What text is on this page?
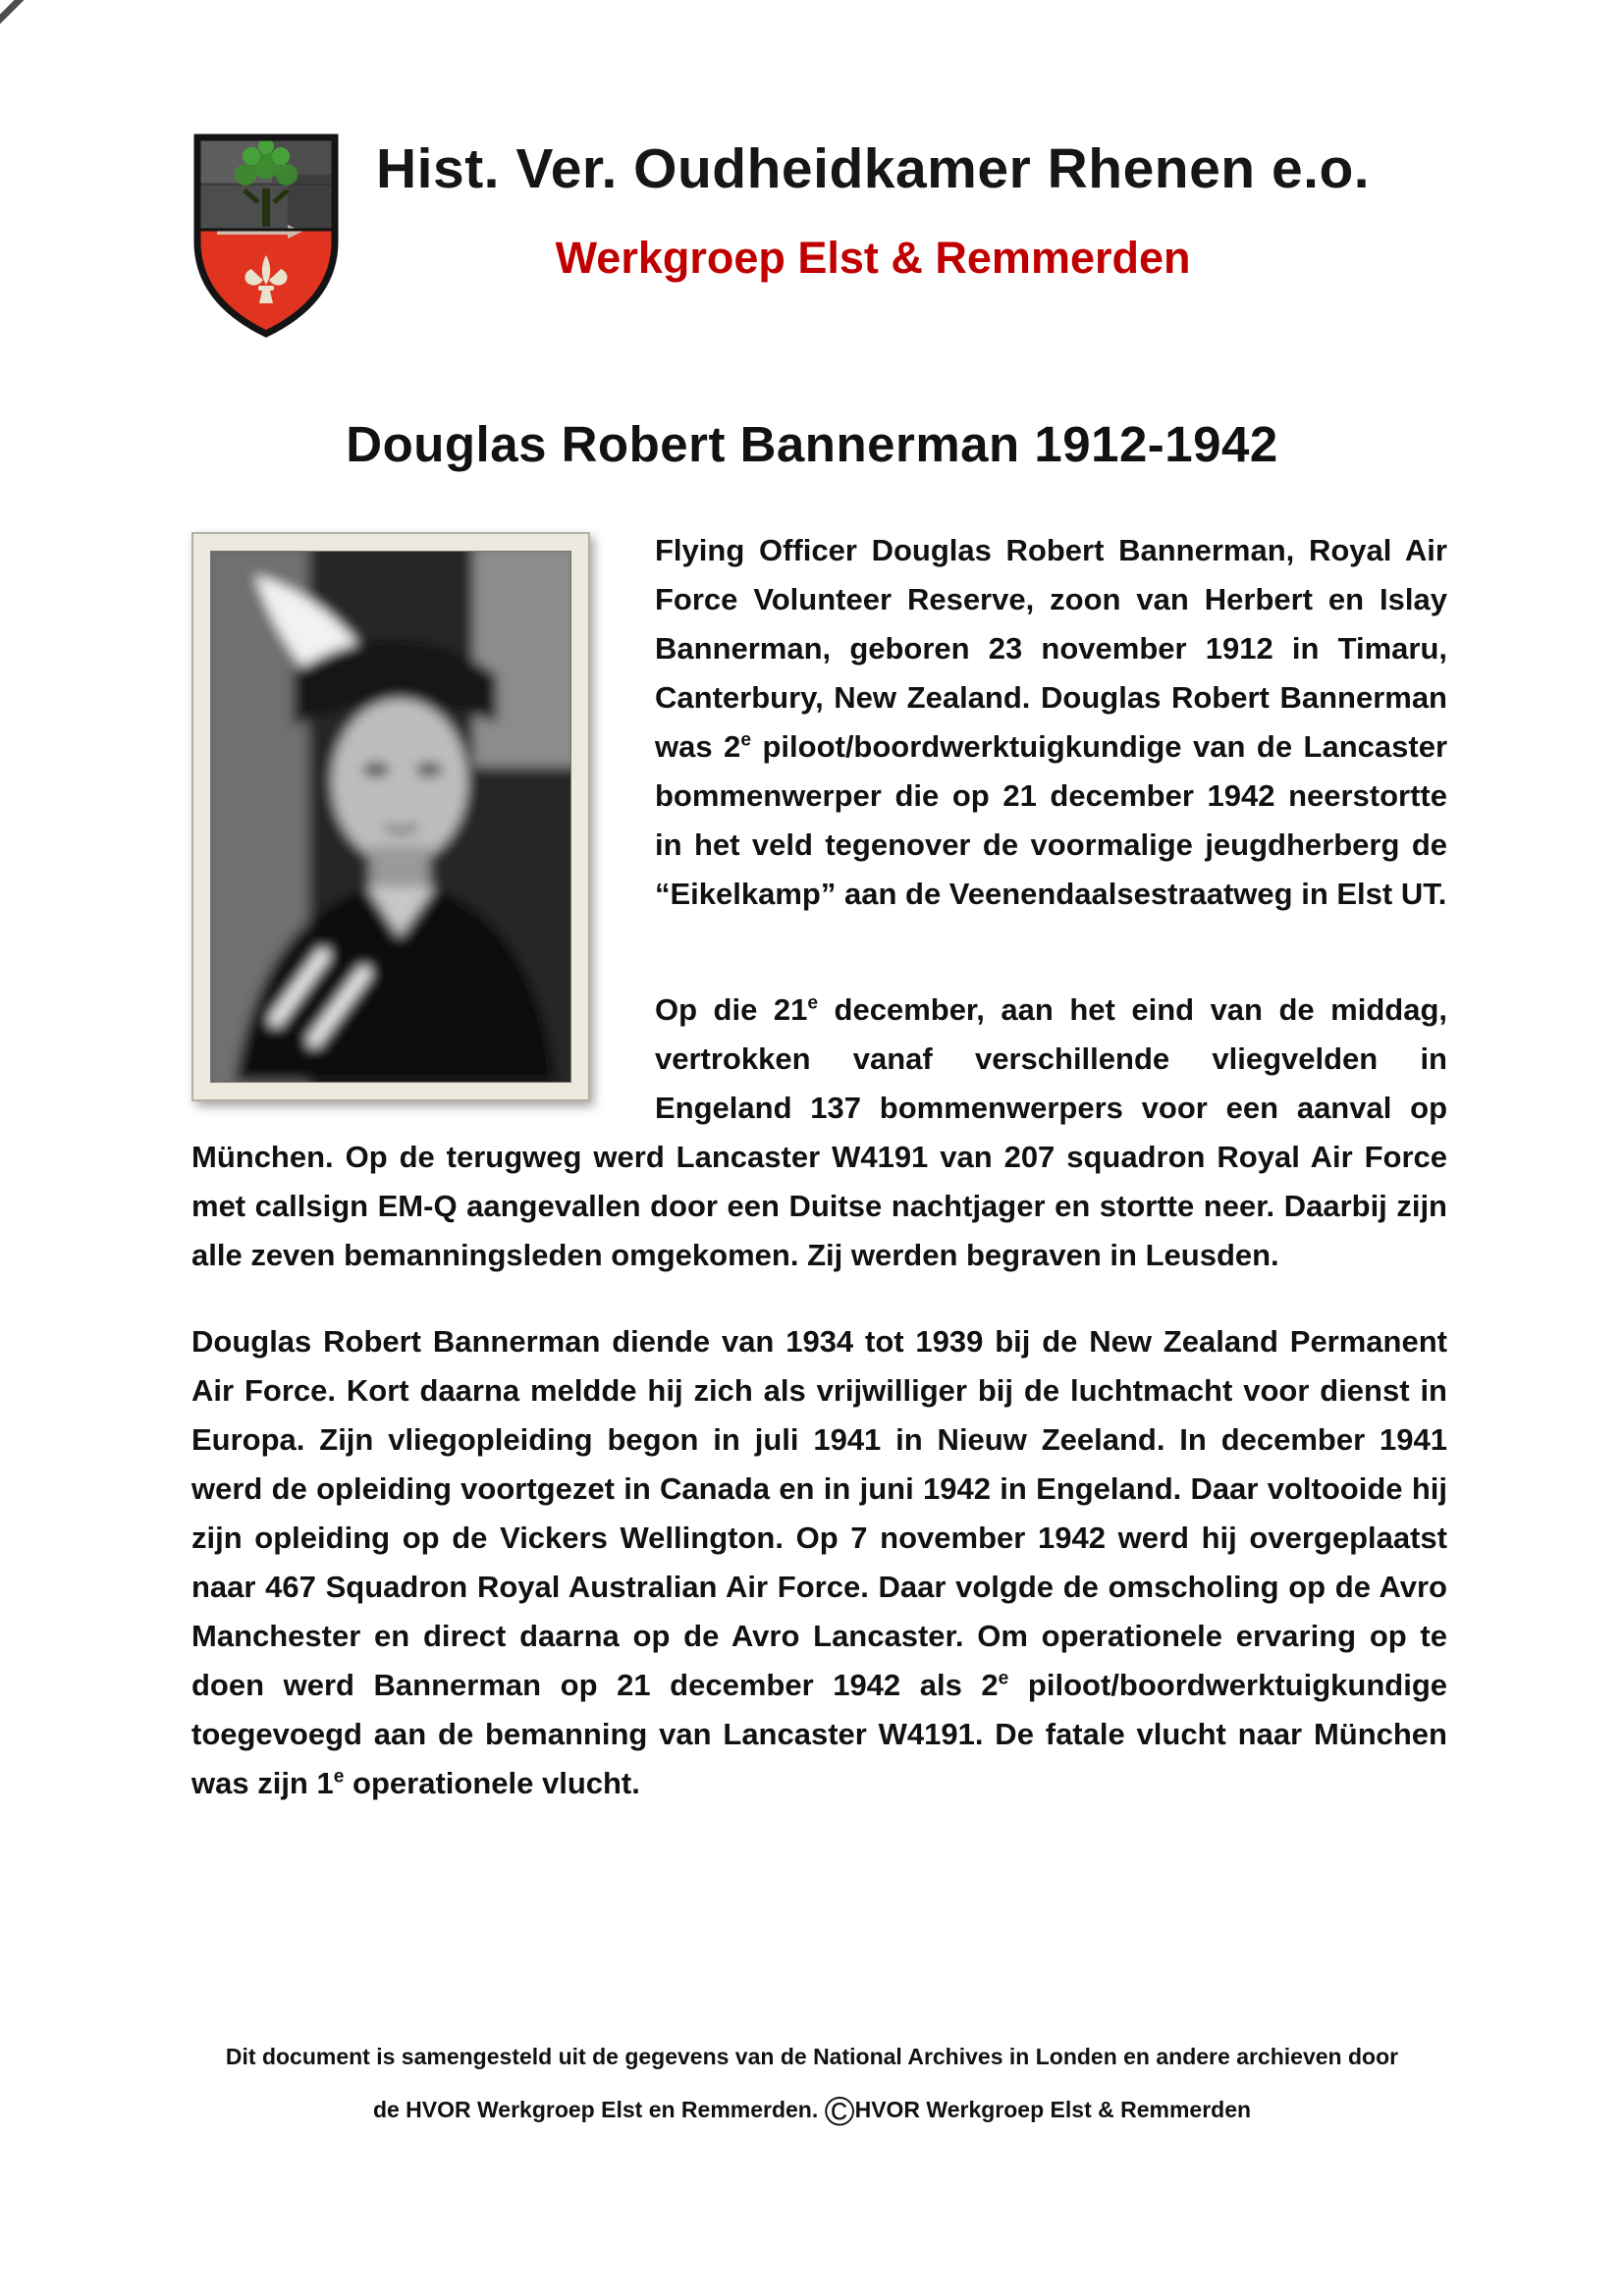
Hist. Ver. Oudheidkamer Rhenen e.o.
Werkgroep Elst & Remmerden
Douglas Robert Bannerman 1912-1942

Flying Officer Douglas Robert Bannerman, Royal Air Force Volunteer Reserve, zoon van Herbert en Islay Bannerman, geboren 23 november 1912 in Timaru, Canterbury, New Zealand. Douglas Robert Bannerman was 2e piloot/boordwerktuigkundige van de Lancaster bommenwerper die op 21 december 1942 neerstortte in het veld tegenover de voormalige jeugdherberg de “Eikelkamp” aan de Veenendaalsestraatweg in Elst UT.

Op die 21e december, aan het eind van de middag, vertrokken vanaf verschillende vliegvelden in Engeland 137 bommenwerpers voor een aanval op München. Op de terugweg werd Lancaster W4191 van 207 squadron Royal Air Force met callsign EM-Q aangevallen door een Duitse nachtjager en stortte neer. Daarbij zijn alle zeven bemanningsleden omgekomen. Zij werden begraven in Leusden.

Douglas Robert Bannerman diende van 1934 tot 1939 bij de New Zealand Permanent Air Force. Kort daarna meldde hij zich als vrijwilliger bij de luchtmacht voor dienst in Europa. Zijn vliegopleiding begon in juli 1941 in Nieuw Zeeland. In december 1941 werd de opleiding voortgezet in Canada en in juni 1942 in Engeland. Daar voltooide hij zijn opleiding op de Vickers Wellington. Op 7 november 1942 werd hij overgeplaatst naar 467 Squadron Royal Australian Air Force. Daar volgde de omscholing op de Avro Manchester en direct daarna op de Avro Lancaster. Om operationele ervaring op te doen werd Bannerman op 21 december 1942 als 2e piloot/boordwerktuigkundige toegevoegd aan de bemanning van Lancaster W4191. De fatale vlucht naar München was zijn 1e operationele vlucht.

Dit document is samengesteld uit de gegevens van de National Archives in Londen en andere archieven door

de HVOR Werkgroep Elst en Remmerden. ©HVOR Werkgroep Elst & Remmerden
